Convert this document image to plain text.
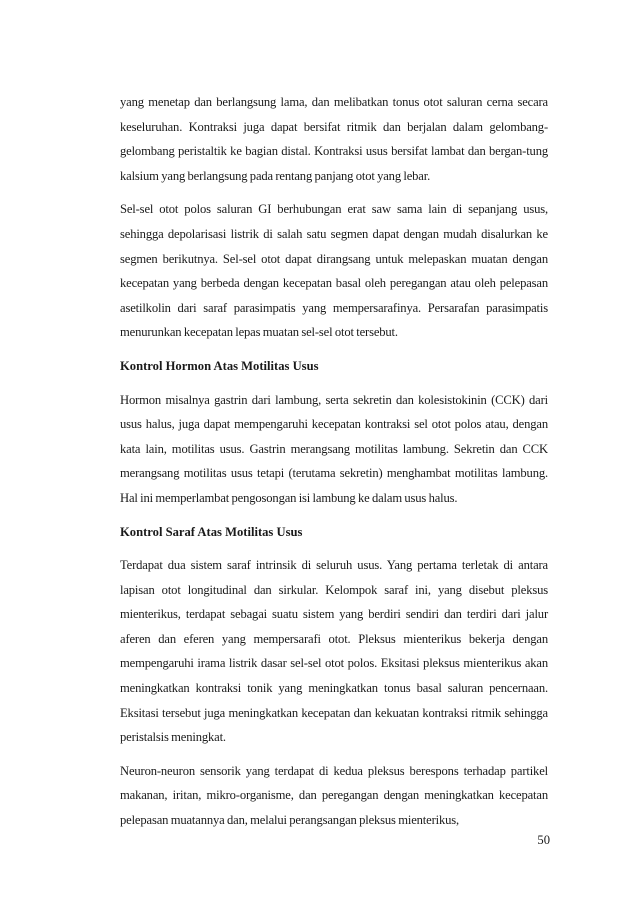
yang menetap dan berlangsung lama, dan melibatkan tonus otot saluran cerna secara keseluruhan. Kontraksi juga dapat bersifat ritmik dan berjalan dalam gelombang-gelombang peristaltik ke bagian distal. Kontraksi usus bersifat lambat dan bergan-tung kalsium yang berlangsung pada rentang panjang otot yang lebar.

Sel-sel otot polos saluran GI berhubungan erat saw sama lain di sepanjang usus, sehingga depolarisasi listrik di salah satu segmen dapat dengan mudah disalurkan ke segmen berikutnya. Sel-sel otot dapat dirangsang untuk melepaskan muatan dengan kecepatan yang berbeda dengan kecepatan basal oleh peregangan atau oleh pelepasan asetilkolin dari saraf parasimpatis yang mempersarafinya. Persarafan parasimpatis menurunkan kecepatan lepas muatan sel-sel otot tersebut.

Kontrol Hormon Atas Motilitas Usus

Hormon misalnya gastrin dari lambung, serta sekretin dan kolesistokinin (CCK) dari usus halus, juga dapat mempengaruhi kecepatan kontraksi sel otot polos atau, dengan kata lain, motilitas usus. Gastrin merangsang motilitas lambung. Sekretin dan CCK merangsang motilitas usus tetapi (terutama sekretin) menghambat motilitas lambung. Hal ini memperlambat pengosongan isi lambung ke dalam usus halus.

Kontrol Saraf Atas Motilitas Usus

Terdapat dua sistem saraf intrinsik di seluruh usus. Yang pertama terletak di antara lapisan otot longitudinal dan sirkular. Kelompok saraf ini, yang disebut pleksus mienterikus, terdapat sebagai suatu sistem yang berdiri sendiri dan terdiri dari jalur aferen dan eferen yang mempersarafi otot. Pleksus mienterikus bekerja dengan mempengaruhi irama listrik dasar sel-sel otot polos. Eksitasi pleksus mienterikus akan meningkatkan kontraksi tonik yang meningkatkan tonus basal saluran pencernaan. Eksitasi tersebut juga meningkatkan kecepatan dan kekuatan kontraksi ritmik sehingga peristalsis meningkat.

Neuron-neuron sensorik yang terdapat di kedua pleksus berespons terhadap partikel makanan, iritan, mikro-organisme, dan peregangan dengan meningkatkan kecepatan pelepasan muatannya dan, melalui perangsangan pleksus mienterikus,

50
